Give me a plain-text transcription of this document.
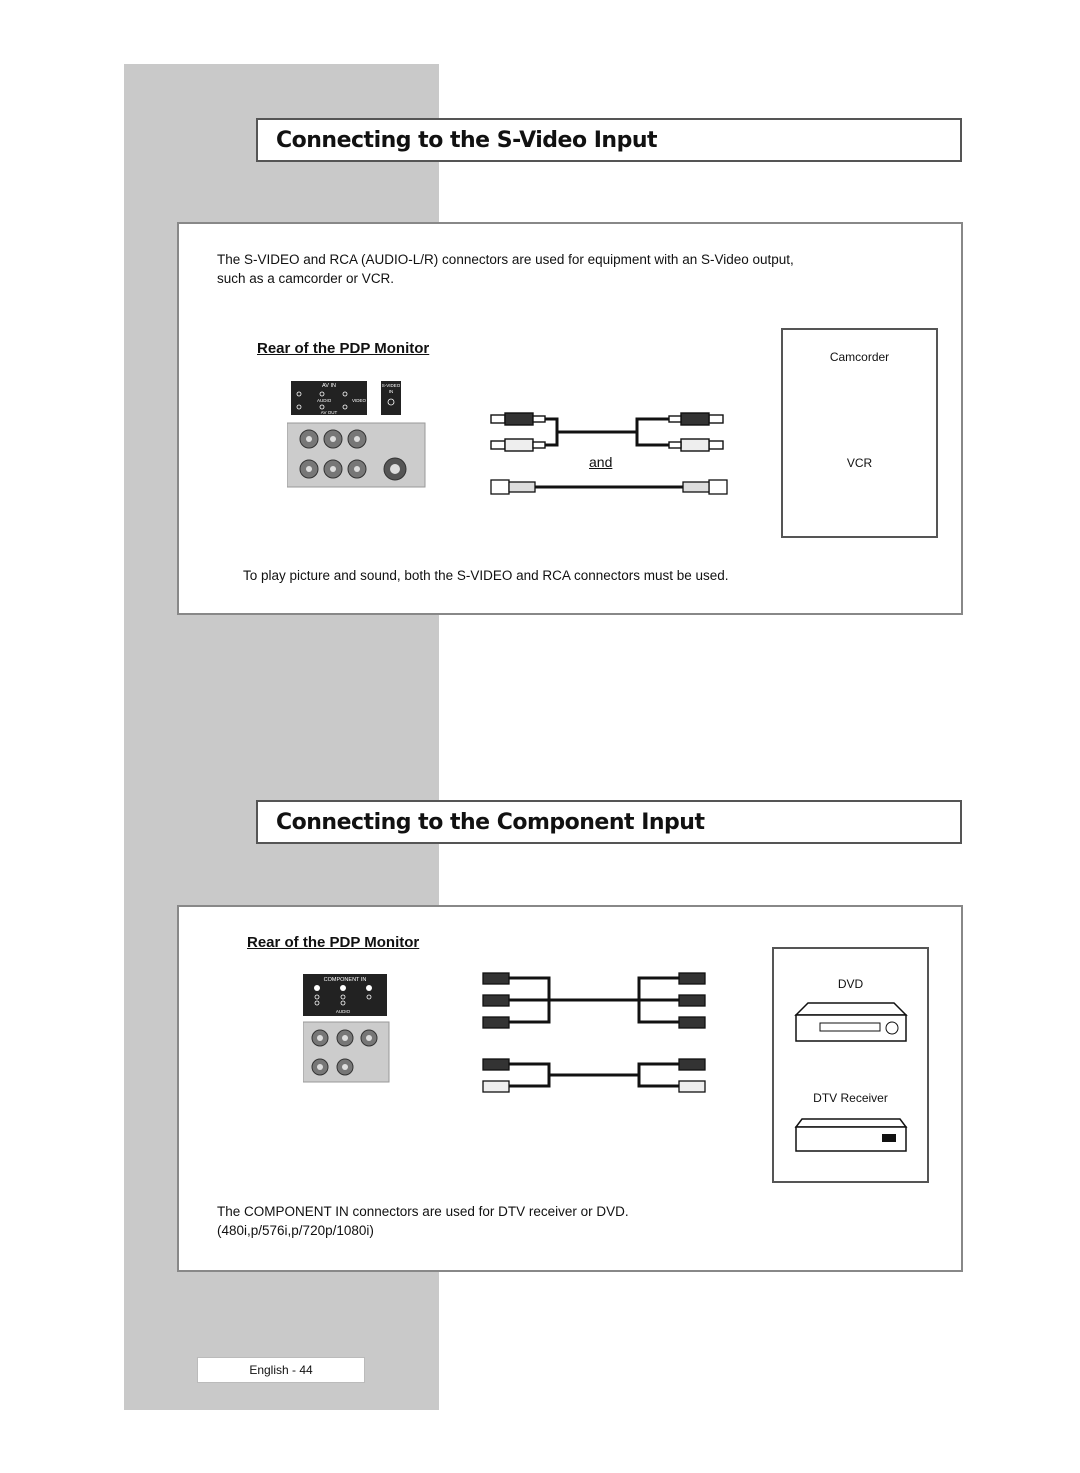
Connecting to the S-Video Input
The S-VIDEO and RCA (AUDIO-L/R) connectors are used for equipment with an S-Video output,
such as a camcorder or VCR.
Rear of the PDP Monitor
AV IN
AUDIO	VIDEO
AV OUT
S-VIDEO
IN
and
Camcorder
VCR
To play picture and sound, both the S-VIDEO and RCA connectors must be used.
Connecting to the Component Input
Rear of the PDP Monitor
COMPONENT IN
AUDIO
DVD
DTV Receiver
The COMPONENT IN connectors are used for DTV receiver or DVD.
(480i,p/576i,p/720p/1080i)
English - 44
